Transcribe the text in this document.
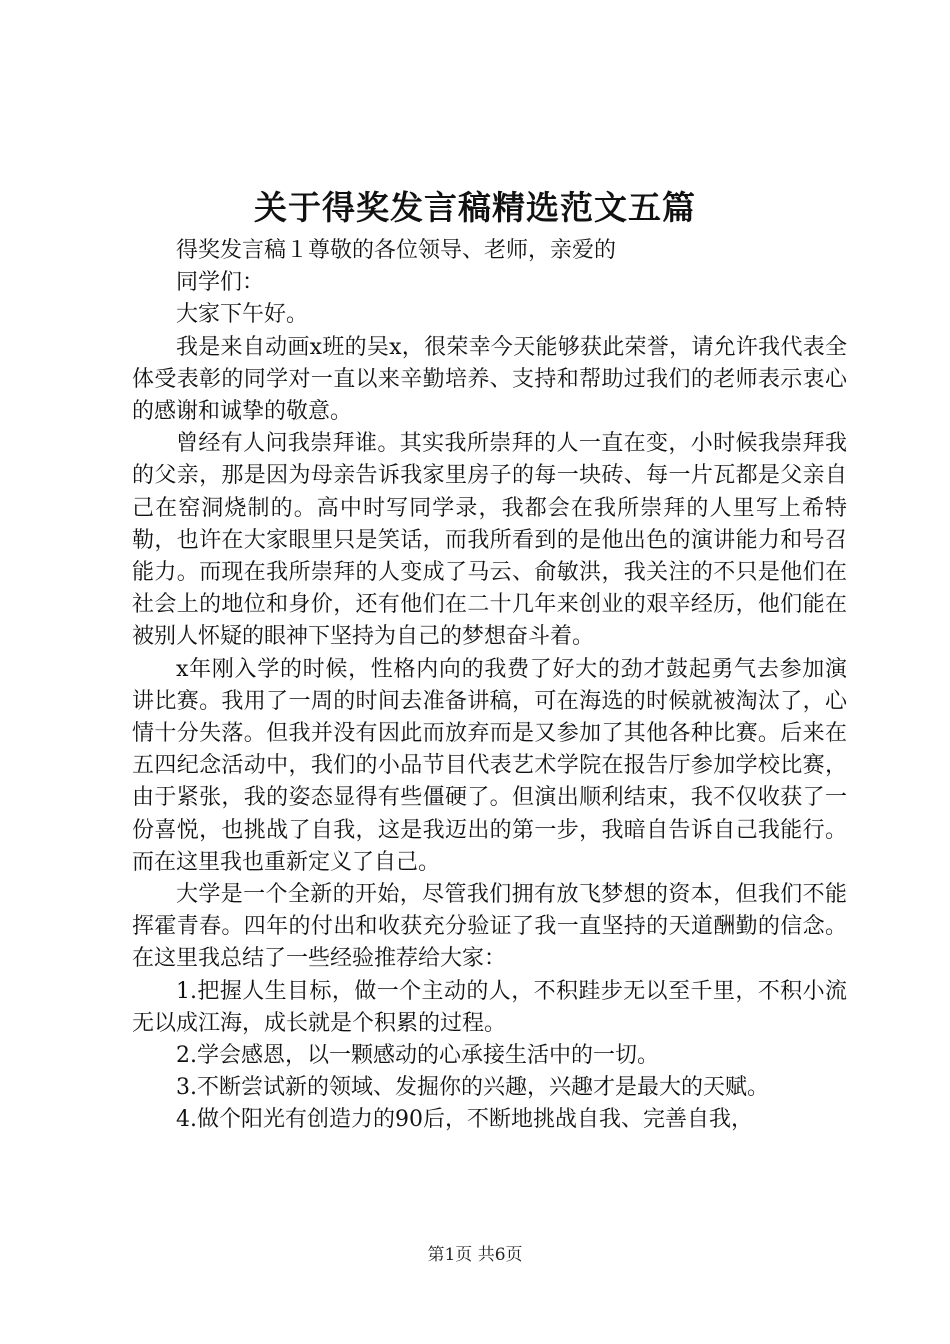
关于得奖发言稿精选范文五篇

得奖发言稿１尊敬的各位领导、老师，亲爱的

同学们：

大家下午好。

我是来自动画x班的吴x，很荣幸今天能够获此荣誉，请允许我代表全体受表彰的同学对一直以来辛勤培养、支持和帮助过我们的老师表示衷心的感谢和诚挚的敬意。

曾经有人问我崇拜谁。其实我所崇拜的人一直在变，小时候我崇拜我的父亲，那是因为母亲告诉我家里房子的每一块砖、每一片瓦都是父亲自己在窑洞烧制的。高中时写同学录，我都会在我所崇拜的人里写上希特勒，也许在大家眼里只是笑话，而我所看到的是他出色的演讲能力和号召能力。而现在我所崇拜的人变成了马云、俞敏洪，我关注的不只是他们在社会上的地位和身价，还有他们在二十几年来创业的艰辛经历，他们能在被别人怀疑的眼神下坚持为自己的梦想奋斗着。

x年刚入学的时候，性格内向的我费了好大的劲才鼓起勇气去参加演讲比赛。我用了一周的时间去准备讲稿，可在海选的时候就被淘汰了，心情十分失落。但我并没有因此而放弃而是又参加了其他各种比赛。后来在五四纪念活动中，我们的小品节目代表艺术学院在报告厅参加学校比赛，由于紧张，我的姿态显得有些僵硬了。但演出顺利结束，我不仅收获了一份喜悦，也挑战了自我，这是我迈出的第一步，我暗自告诉自己我能行。而在这里我也重新定义了自己。

大学是一个全新的开始，尽管我们拥有放飞梦想的资本，但我们不能挥霍青春。四年的付出和收获充分验证了我一直坚持的天道酬勤的信念。在这里我总结了一些经验推荐给大家：

1.把握人生目标，做一个主动的人，不积跬步无以至千里，不积小流无以成江海，成长就是个积累的过程。

2.学会感恩，以一颗感动的心承接生活中的一切。

3.不断尝试新的领域、发掘你的兴趣，兴趣才是最大的天赋。

4.做个阳光有创造力的90后，不断地挑战自我、完善自我，

第1页 共6页
